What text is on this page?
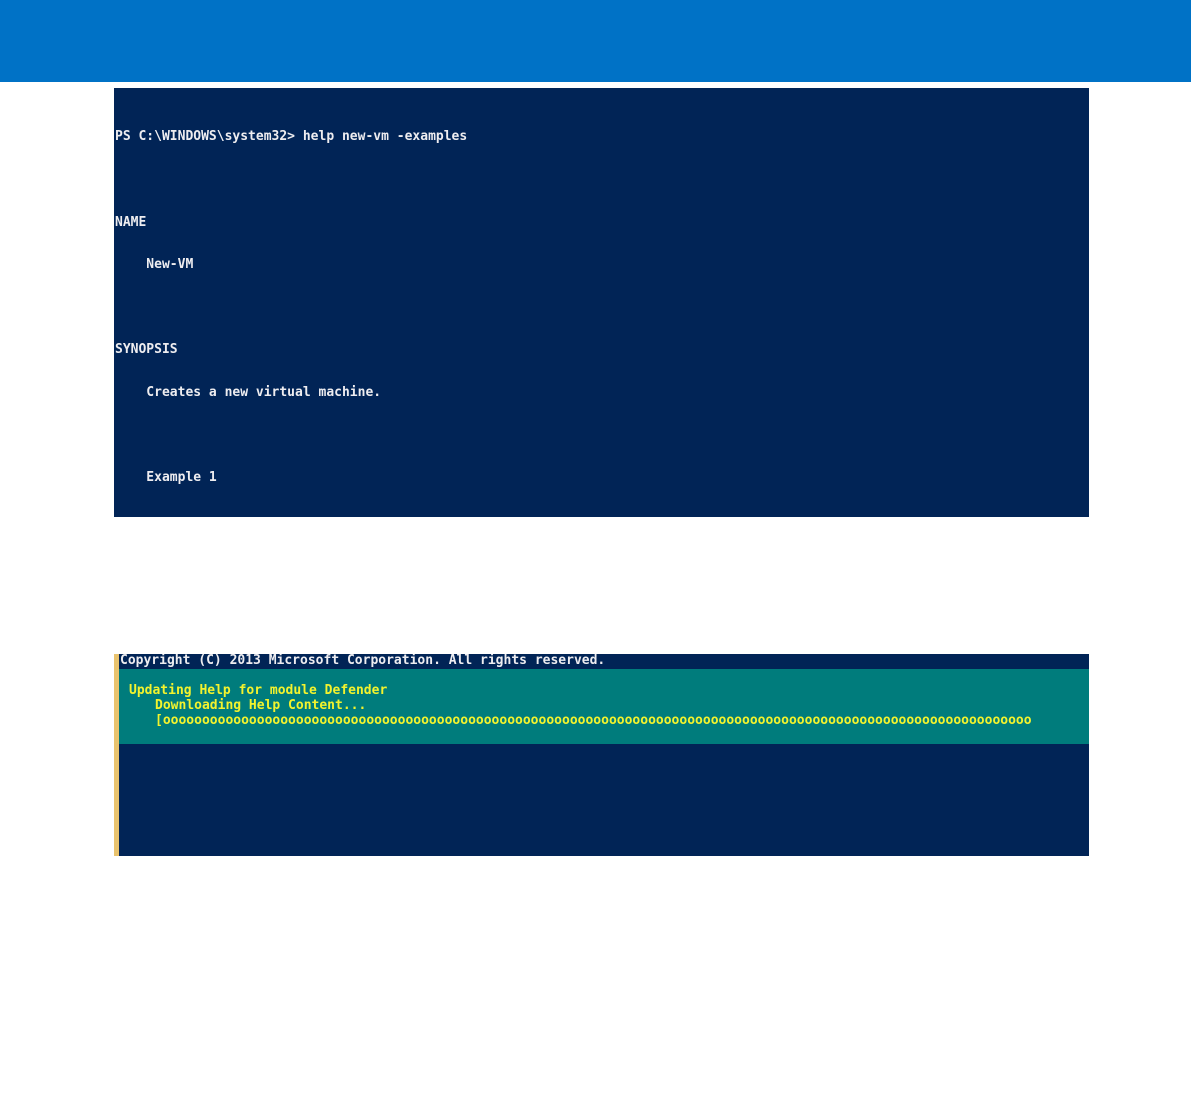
PS C:\WINDOWS\system32> help new-vm -examples

NAME

New-VM

SYNOPSIS

Creates a new virtual machine.

Example 1

Copyright (C) 2013 Microsoft Corporation. All rights reserved.

Updating Help for module Defender

Downloading Help Content...

[ooooooooooooooooooooooooooooooooooooooooooooooooooooooooooooooooooooooooooooooooooooooooooooooooooooooooooooooo
